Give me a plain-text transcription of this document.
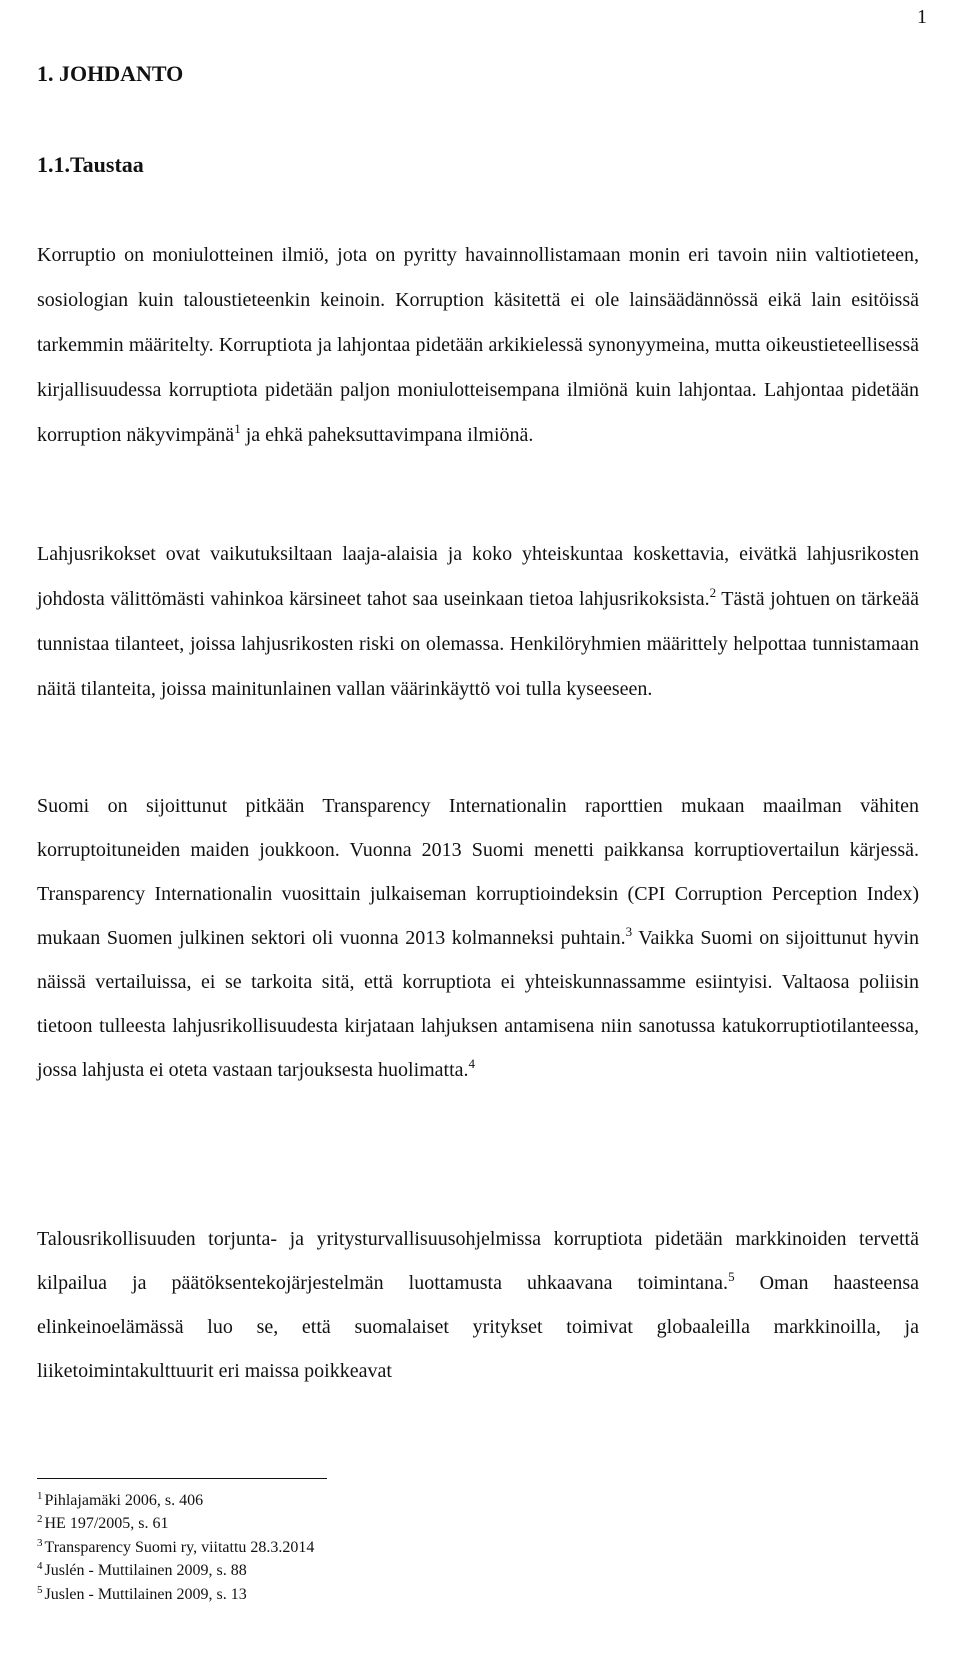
1
1. JOHDANTO
1.1.Taustaa

Korruptio on moniulotteinen ilmiö, jota on pyritty havainnollistamaan monin eri tavoin niin valtiotieteen, sosiologian kuin taloustieteenkin keinoin. Korruption käsitettä ei ole lainsäädännössä eikä lain esitöissä tarkemmin määritelty. Korruptiota ja lahjontaa pidetään arkikielessä synonyymeina, mutta oikeustieteellisessä kirjallisuudessa korruptiota pidetään paljon moniulotteisempana ilmiönä kuin lahjontaa. Lahjontaa pidetään korruption näkyvimpänä$^1$ ja ehkä paheksuttavimpana ilmiönä.

Lahjusrikokset ovat vaikutuksiltaan laaja-alaisia ja koko yhteiskuntaa koskettavia, eivätkä lahjusrikosten johdosta välittömästi vahinkoa kärsineet tahot saa useinkaan tietoa lahjusrikoksista.$^2$ Tästä johtuen on tärkeää tunnistaa tilanteet, joissa lahjusrikosten riski on olemassa. Henkilöryhmien määrittely helpottaa tunnistamaan näitä tilanteita, joissa mainitunlainen vallan väärinkäyttö voi tulla kyseeseen.

Suomi on sijoittunut pitkään Transparency Internationalin raporttien mukaan maailman vähiten korruptoituneiden maiden joukkoon. Vuonna 2013 Suomi menetti paikkansa korruptiovertailun kärjessä. Transparency Internationalin vuosittain julkaiseman korruptioindeksin (CPI Corruption Perception Index) mukaan Suomen julkinen sektori oli vuonna 2013 kolmanneksi puhtain.$^3$ Vaikka Suomi on sijoittunut hyvin näissä vertailuissa, ei se tarkoita sitä, että korruptiota ei yhteiskunnassamme esiintyisi. Valtaosa poliisin tietoon tulleesta lahjusrikollisuudesta kirjataan lahjuksen antamisena niin sanotussa katukorruptiotilanteessa, jossa lahjusta ei oteta vastaan tarjouksesta huolimatta.$^4$

Talousrikollisuuden torjunta- ja yritysturvallisuusohjelmissa korruptiota pidetään markkinoiden tervettä kilpailua ja päätöksentekojärjestelmän luottamusta uhkaavana toimintana.$^5$ Oman haasteensa elinkeinoelämässä luo se, että suomalaiset yritykset toimivat globaaleilla markkinoilla, ja liiketoimintakulttuurit eri maissa poikkeavat

$^1$ Pihlajamäki 2006, s. 406
$^2$ HE 197/2005, s. 61
$^3$ Transparency Suomi ry, viitattu 28.3.2014
$^4$ Juslén - Muttilainen 2009, s. 88
$^5$ Juslen - Muttilainen 2009, s. 13
